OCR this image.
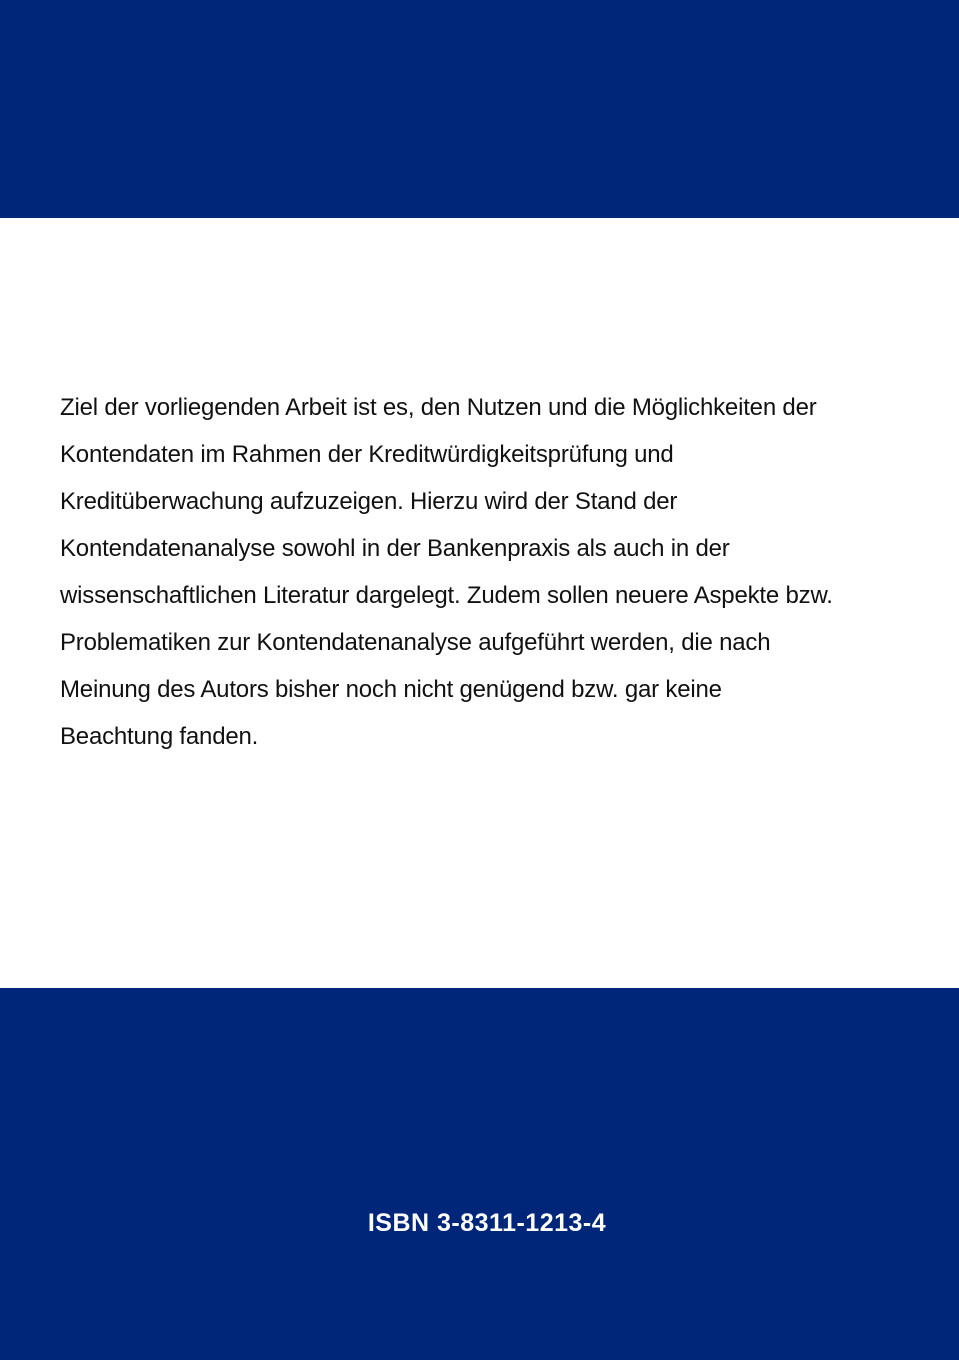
Ziel der vorliegenden Arbeit ist es, den Nutzen und die Möglichkeiten der
Kontendaten im Rahmen der Kreditwürdigkeitsprüfung und
Kreditüberwachung aufzuzeigen. Hierzu wird der Stand der
Kontendatenanalyse sowohl in der Bankenpraxis als auch in der
wissenschaftlichen Literatur dargelegt. Zudem sollen neuere Aspekte bzw.
Problematiken zur Kontendatenanalyse aufgeführt werden, die nach
Meinung des Autors bisher noch nicht genügend bzw. gar keine
Beachtung fanden.

ISBN 3-8311-1213-4
